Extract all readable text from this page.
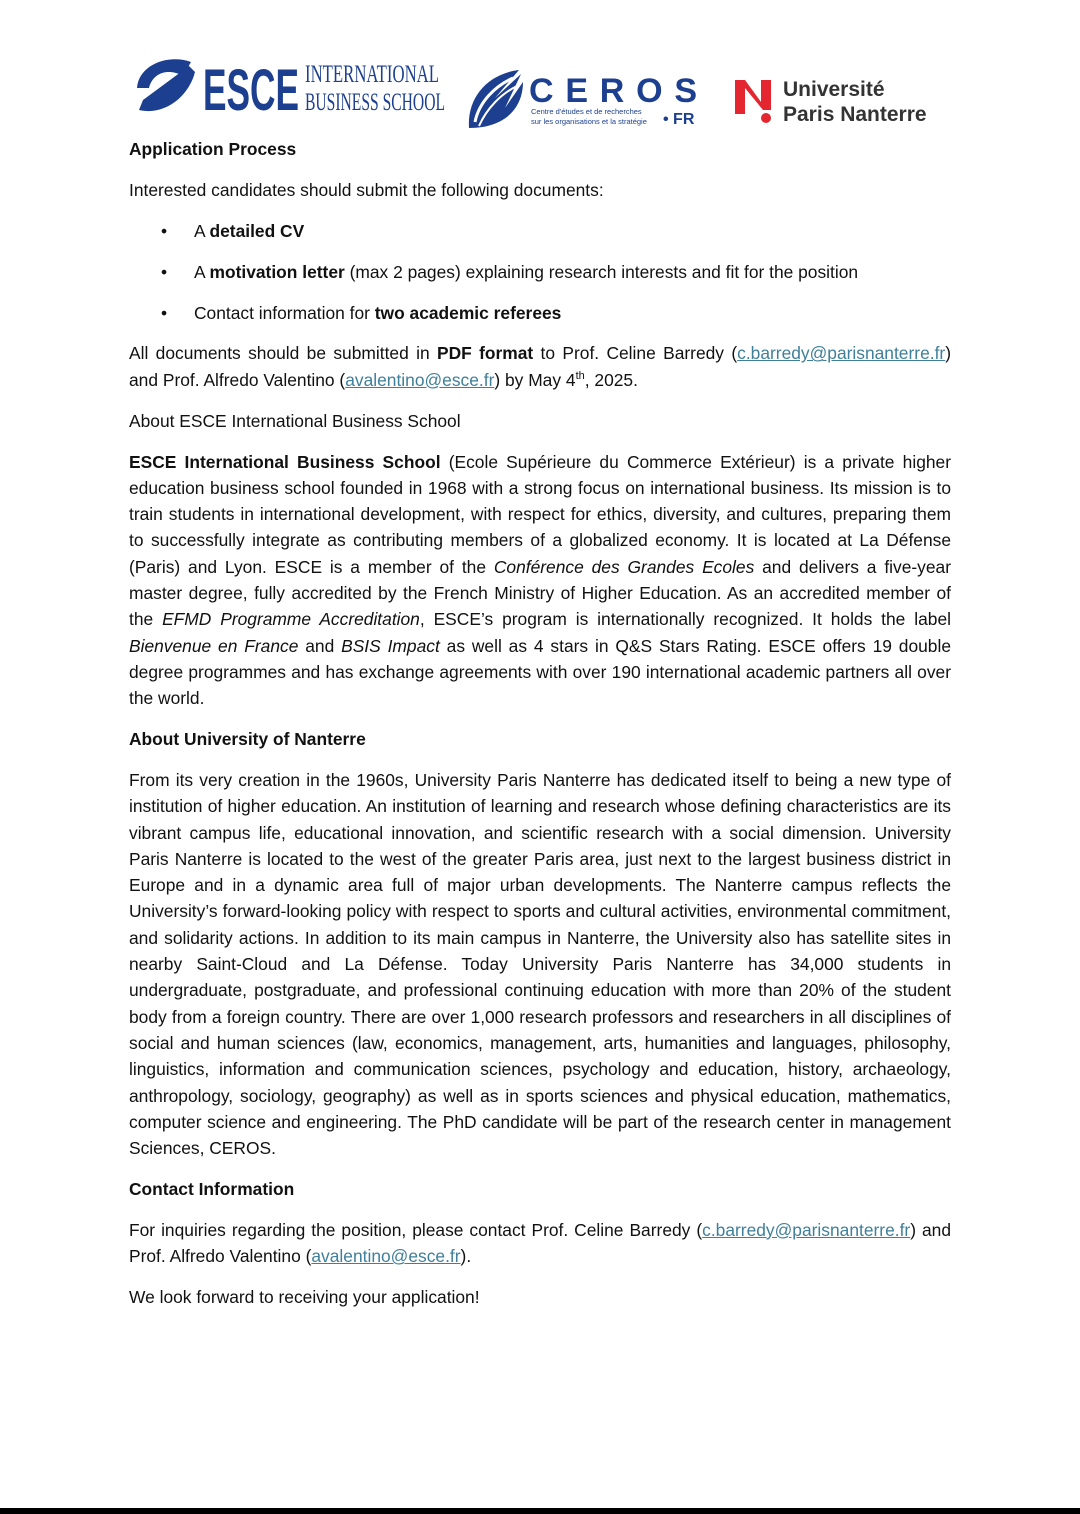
ESCE INTERNATIONAL
BUSINESS SCHOOL CEROS
Centre d'études et de recherches
sur les organisations et la stratégie • FR
Université
Paris Nanterre

Application Process

Interested candidates should submit the following documents:

• A detailed CV
• A motivation letter (max 2 pages) explaining research interests and fit for the position
• Contact information for two academic referees

All documents should be submitted in PDF format to Prof. Celine Barredy (c.barredy@parisnanterre.fr) and Prof. Alfredo Valentino (avalentino@esce.fr) by May 4th, 2025.

About ESCE International Business School

ESCE International Business School (Ecole Supérieure du Commerce Extérieur) is a private higher education business school founded in 1968 with a strong focus on international business. Its mission is to train students in international development, with respect for ethics, diversity, and cultures, preparing them to successfully integrate as contributing members of a globalized economy. It is located at La Défense (Paris) and Lyon. ESCE is a member of the Conférence des Grandes Ecoles and delivers a five-year master degree, fully accredited by the French Ministry of Higher Education. As an accredited member of the EFMD Programme Accreditation, ESCE’s program is internationally recognized. It holds the label Bienvenue en France and BSIS Impact as well as 4 stars in Q&S Stars Rating. ESCE offers 19 double degree programmes and has exchange agreements with over 190 international academic partners all over the world.

About University of Nanterre

From its very creation in the 1960s, University Paris Nanterre has dedicated itself to being a new type of institution of higher education. An institution of learning and research whose defining characteristics are its vibrant campus life, educational innovation, and scientific research with a social dimension. University Paris Nanterre is located to the west of the greater Paris area, just next to the largest business district in Europe and in a dynamic area full of major urban developments. The Nanterre campus reflects the University’s forward-looking policy with respect to sports and cultural activities, environmental commitment, and solidarity actions. In addition to its main campus in Nanterre, the University also has satellite sites in nearby Saint-Cloud and La Défense. Today University Paris Nanterre has 34,000 students in undergraduate, postgraduate, and professional continuing education with more than 20% of the student body from a foreign country. There are over 1,000 research professors and researchers in all disciplines of social and human sciences (law, economics, management, arts, humanities and languages, philosophy, linguistics, information and communication sciences, psychology and education, history, archaeology, anthropology, sociology, geography) as well as in sports sciences and physical education, mathematics, computer science and engineering. The PhD candidate will be part of the research center in management Sciences, CEROS.

Contact Information

For inquiries regarding the position, please contact Prof. Celine Barredy (c.barredy@parisnanterre.fr) and Prof. Alfredo Valentino (avalentino@esce.fr).

We look forward to receiving your application!
